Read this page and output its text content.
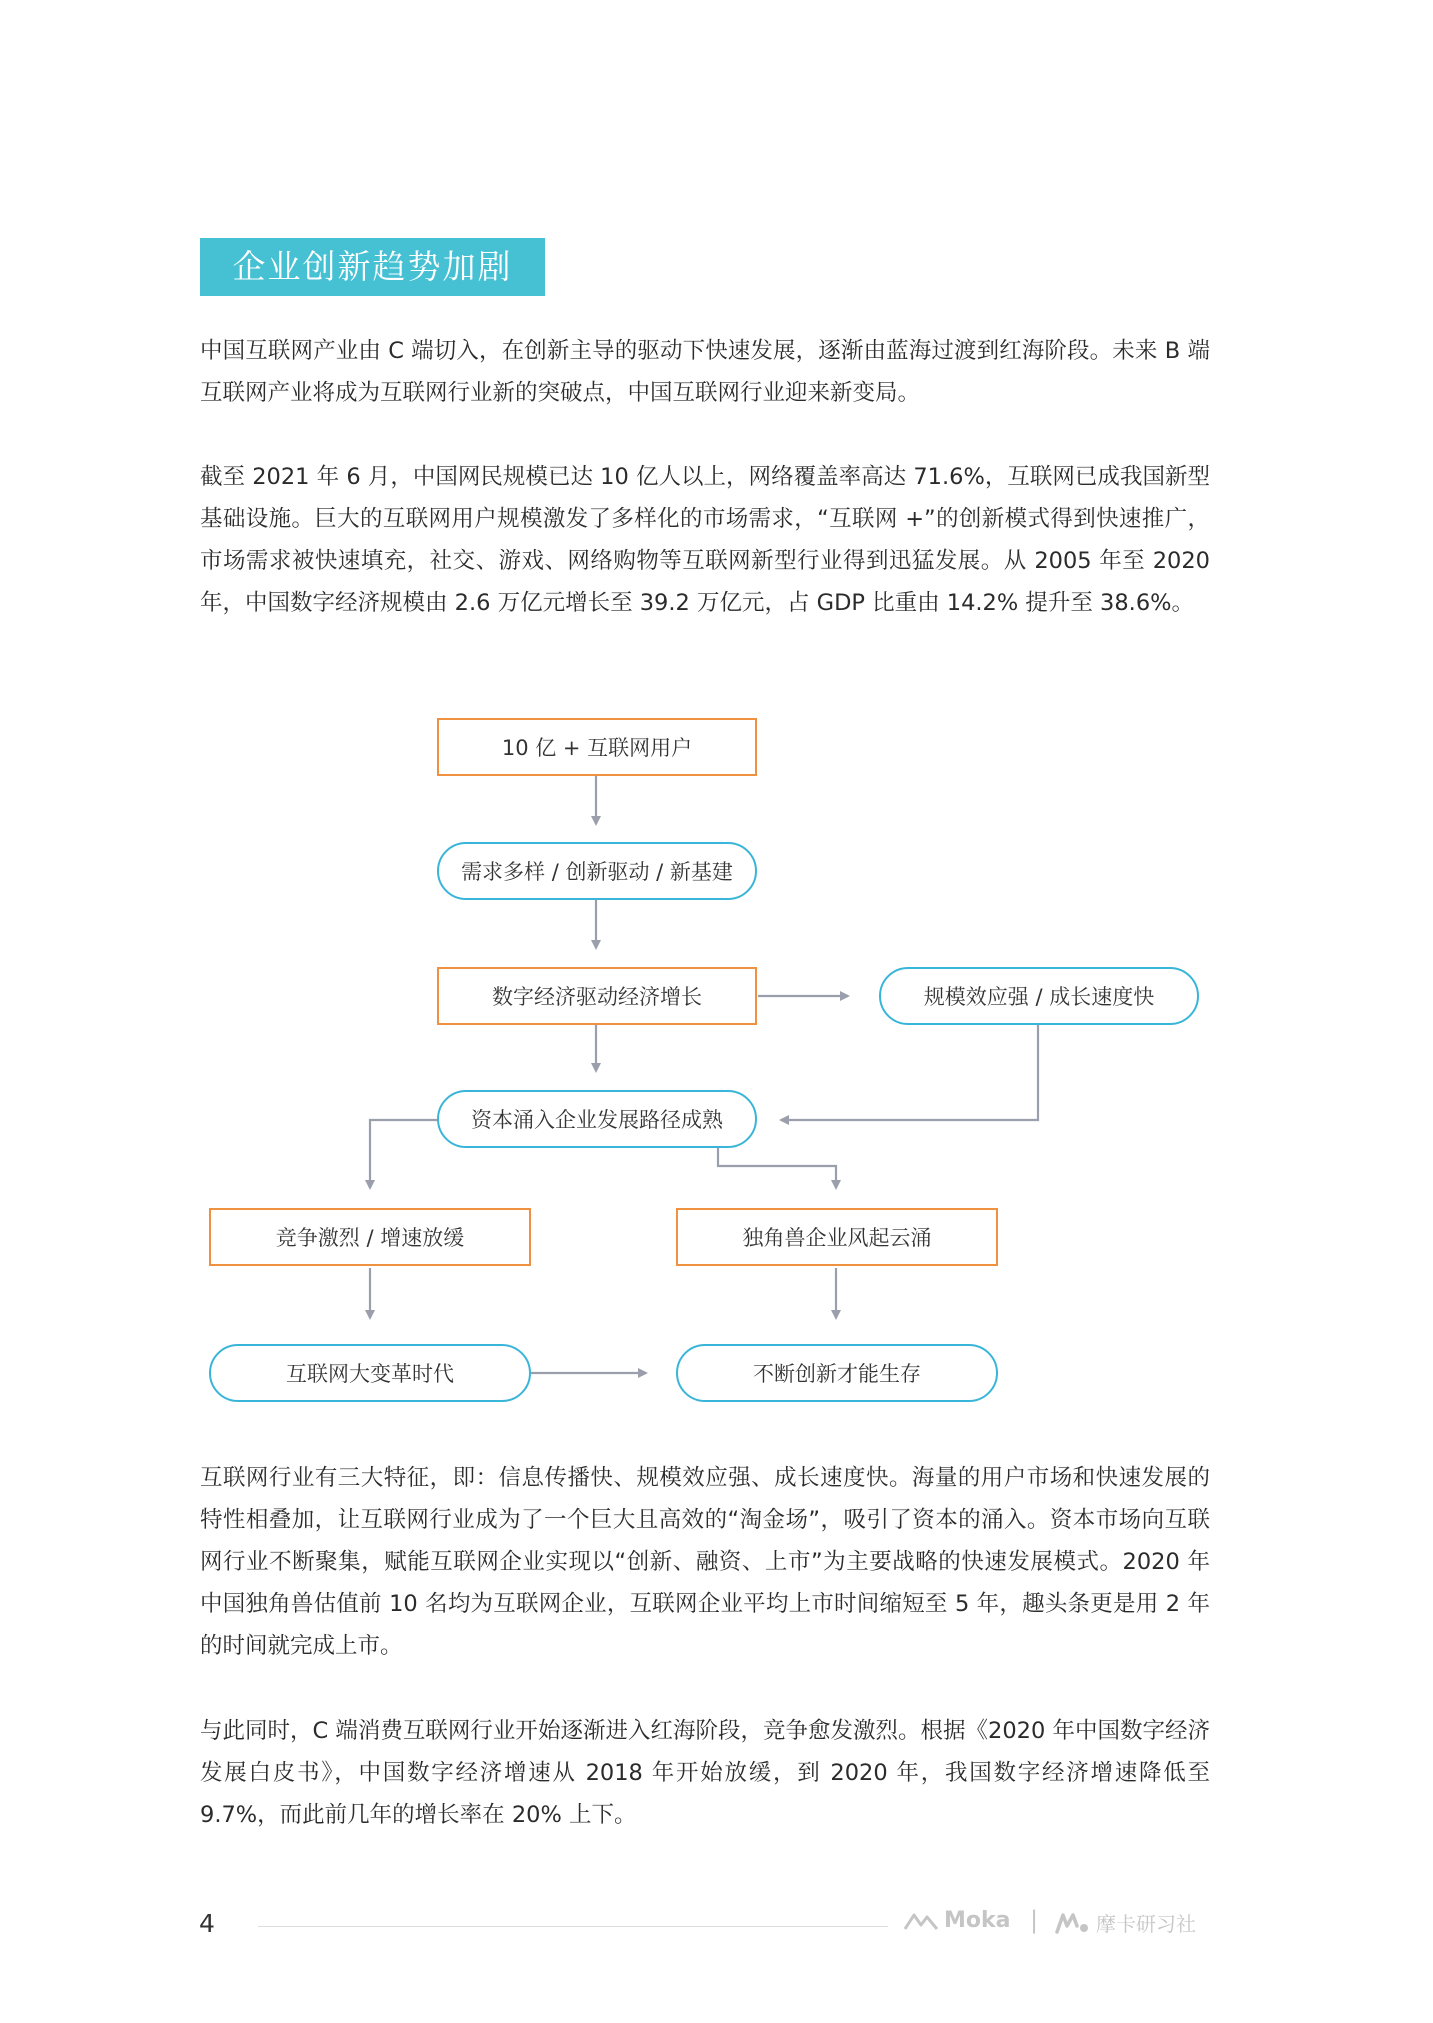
企业创新趋势加剧

中国互联网产业由 C 端切入，在创新主导的驱动下快速发展，逐渐由蓝海过渡到红海阶段。未来 B 端互联网产业将成为互联网行业新的突破点，中国互联网行业迎来新变局。

截至 2021 年 6 月，中国网民规模已达 10 亿人以上，网络覆盖率高达 71.6%，互联网已成我国新型基础设施。巨大的互联网用户规模激发了多样化的市场需求，“互联网 +”的创新模式得到快速推广，市场需求被快速填充，社交、游戏、网络购物等互联网新型行业得到迅猛发展。从 2005 年至 2020 年，中国数字经济规模由 2.6 万亿元增长至 39.2 万亿元，占 GDP 比重由 14.2% 提升至 38.6%。

10 亿 + 互联网用户
需求多样 / 创新驱动 / 新基建
数字经济驱动经济增长	规模效应强 / 成长速度快
资本涌入企业发展路径成熟
竞争激烈 / 增速放缓	独角兽企业风起云涌
互联网大变革时代	不断创新才能生存

互联网行业有三大特征，即：信息传播快、规模效应强、成长速度快。海量的用户市场和快速发展的特性相叠加，让互联网行业成为了一个巨大且高效的“淘金场”，吸引了资本的涌入。资本市场向互联网行业不断聚集，赋能互联网企业实现以“创新、融资、上市”为主要战略的快速发展模式。2020 年中国独角兽估值前 10 名均为互联网企业，互联网企业平均上市时间缩短至 5 年，趣头条更是用 2 年的时间就完成上市。

与此同时，C 端消费互联网行业开始逐渐进入红海阶段，竞争愈发激烈。根据《2020 年中国数字经济发展白皮书》，中国数字经济增速从 2018 年开始放缓，到 2020 年，我国数字经济增速降低至 9.7%，而此前几年的增长率在 20% 上下。

4	Moka |	摩卡研习社
